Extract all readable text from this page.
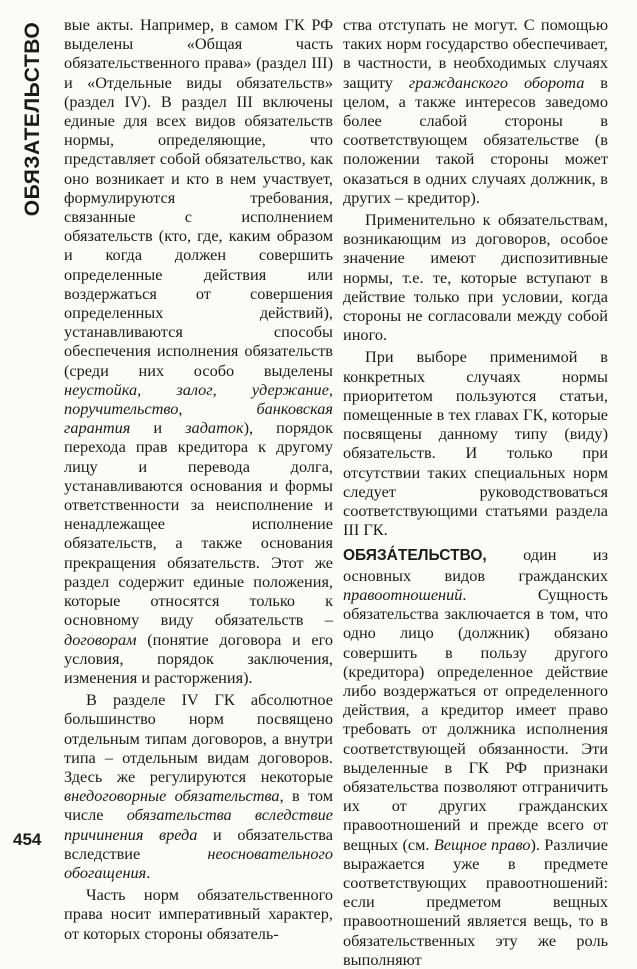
ОБЯЗАТЕЛЬСТВО
454

вые акты. Например, в самом ГК РФ выделены «Общая часть обязательственного права» (раздел III) и «Отдельные виды обязательств» (раздел IV). В раздел III включены единые для всех видов обязательств нормы, определяющие, что представляет собой обязательство, как оно возникает и кто в нем участвует, формулируются требования, связанные с исполнением обязательств (кто, где, каким образом и когда должен совершить определенные действия или воздержаться от совершения определенных действий), устанавливаются способы обеспечения исполнения обязательств (среди них особо выделены неустойка, залог, удержание, поручительство, банковская гарантия и задаток), порядок перехода прав кредитора к другому лицу и перевода долга, устанавливаются основания и формы ответственности за неисполнение и ненадлежащее исполнение обязательств, а также основания прекращения обязательств. Этот же раздел содержит единые положения, которые относятся только к основному виду обязательств – договорам (понятие договора и его условия, порядок заключения, изменения и расторжения).

В разделе IV ГК абсолютное большинство норм посвящено отдельным типам договоров, а внутри типа – отдельным видам договоров. Здесь же регулируются некоторые внедоговорные обязательства, в том числе обязательства вследствие причинения вреда и обязательства вследствие неосновательного обогащения.

Часть норм обязательственного права носит императивный характер, от которых стороны обязатель-

ства отступать не могут. С помощью таких норм государство обеспечивает, в частности, в необходимых случаях защиту гражданского оборота в целом, а также интересов заведомо более слабой стороны в соответствующем обязательстве (в положении такой стороны может оказаться в одних случаях должник, в других – кредитор).

Применительно к обязательствам, возникающим из договоров, особое значение имеют диспозитивные нормы, т.е. те, которые вступают в действие только при условии, когда стороны не согласовали между собой иного.

При выборе применимой в конкретных случаях нормы приоритетом пользуются статьи, помещенные в тех главах ГК, которые посвящены данному типу (виду) обязательств. И только при отсутствии таких специальных норм следует руководствоваться соответствующими статьями раздела III ГК.

ОБЯЗА́ТЕЛЬСТВО, один из основных видов гражданских правоотношений. Сущность обязательства заключается в том, что одно лицо (должник) обязано совершить в пользу другого (кредитора) определенное действие либо воздержаться от определенного действия, а кредитор имеет право требовать от должника исполнения соответствующей обязанности. Эти выделенные в ГК РФ признаки обязательства позволяют отграничить их от других гражданских правоотношений и прежде всего от вещных (см. Вещное право). Различие выражается уже в предмете соответствующих правоотношений: если предметом вещных правоотношений является вещь, то в обязательственных эту же роль выполняют
